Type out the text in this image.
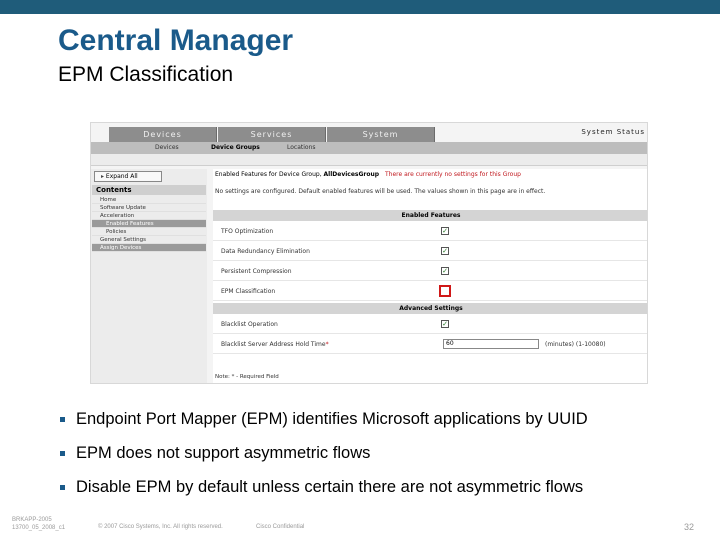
Central Manager
EPM Classification
Devices	Services	System	System Status
Devices	Device Groups	Locations
▸ Expand All
Contents
Home
Software Update
Acceleration
Enabled Features
Policies
General Settings
Assign Devices
Enabled Features for Device Group, AllDevicesGroup There are currently no settings for this Group
No settings are configured. Default enabled features will be used. The values shown in this page are in effect.
Enabled Features
TFO Optimization	✓
Data Redundancy Elimination	✓
Persistent Compression	✓
EPM Classification
Advanced Settings
Blacklist Operation	✓
Blacklist Server Address Hold Time*	60	(minutes) (1-10080)
Note: * - Required Field
Endpoint Port Mapper (EPM) identifies Microsoft applications by UUID
EPM does not support asymmetric flows
Disable EPM by default unless certain there are not asymmetric flows
BRKAPP-2005
13700_05_2008_c1	© 2007 Cisco Systems, Inc. All rights reserved.	Cisco Confidential	32
